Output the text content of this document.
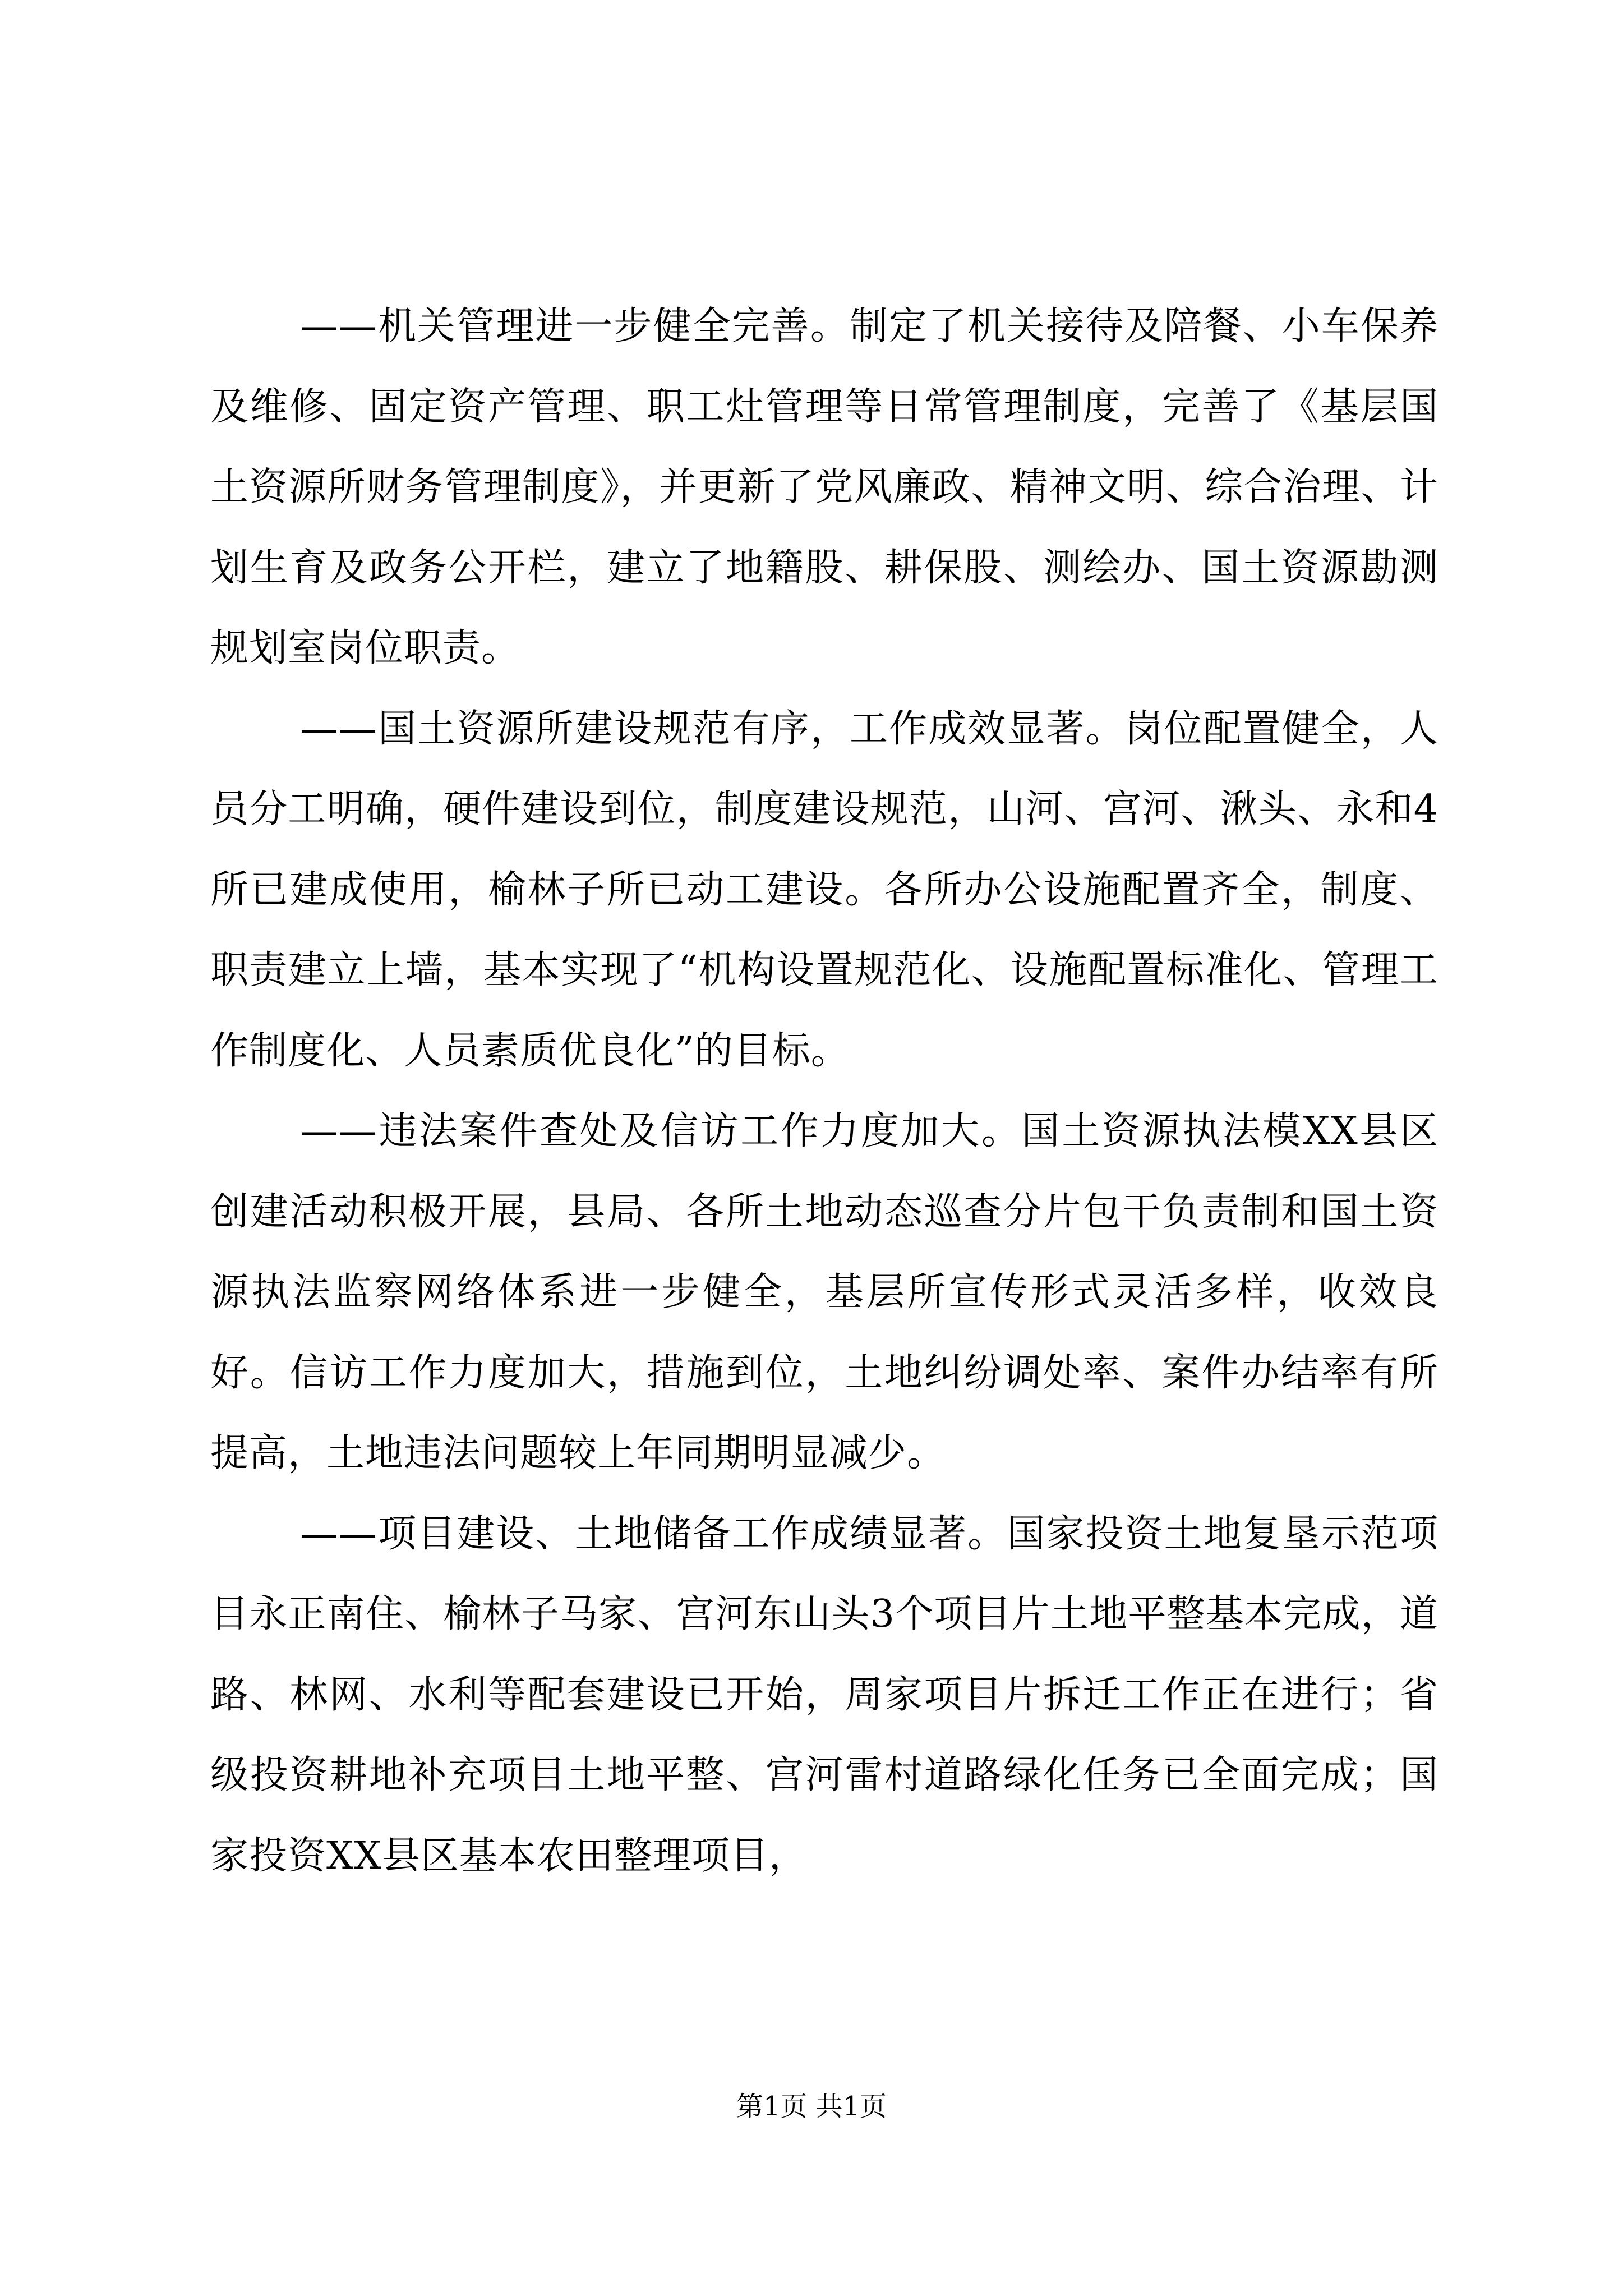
——机关管理进一步健全完善。制定了机关接待及陪餐、小车保养及维修、固定资产管理、职工灶管理等日常管理制度，完善了《基层国土资源所财务管理制度》，并更新了党风廉政、精神文明、综合治理、计划生育及政务公开栏，建立了地籍股、耕保股、测绘办、国土资源勘测规划室岗位职责。

——国土资源所建设规范有序，工作成效显著。岗位配置健全，人员分工明确，硬件建设到位，制度建设规范，山河、宫河、湫头、永和4所已建成使用，榆林子所已动工建设。各所办公设施配置齐全，制度、职责建立上墙，基本实现了“机构设置规范化、设施配置标准化、管理工作制度化、人员素质优良化”的目标。

——违法案件查处及信访工作力度加大。国土资源执法模XX县区创建活动积极开展，县局、各所土地动态巡查分片包干负责制和国土资源执法监察网络体系进一步健全，基层所宣传形式灵活多样，收效良好。信访工作力度加大，措施到位，土地纠纷调处率、案件办结率有所提高，土地违法问题较上年同期明显减少。

——项目建设、土地储备工作成绩显著。国家投资土地复垦示范项目永正南住、榆林子马家、宫河东山头3个项目片土地平整基本完成，道路、林网、水利等配套建设已开始，周家项目片拆迁工作正在进行；省级投资耕地补充项目土地平整、宫河雷村道路绿化任务已全面完成；国家投资XX县区基本农田整理项目，

第1页 共1页
